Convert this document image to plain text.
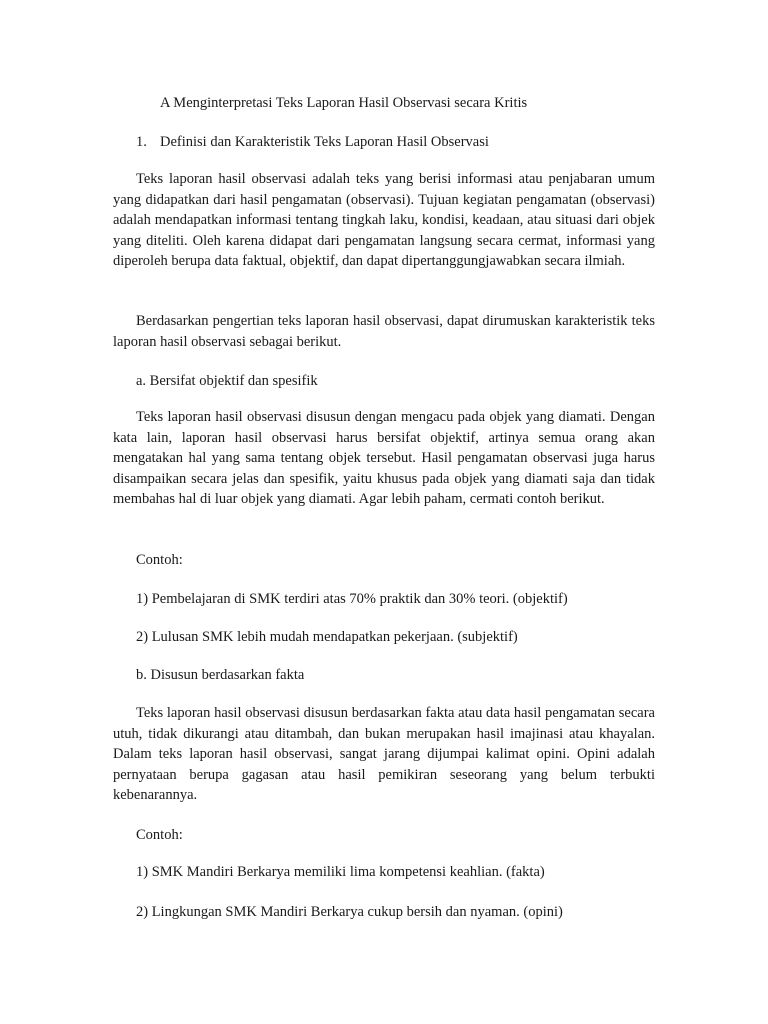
A Menginterpretasi Teks Laporan Hasil Observasi secara Kritis
1. Definisi dan Karakteristik Teks Laporan Hasil Observasi

Teks laporan hasil observasi adalah teks yang berisi informasi atau penjabaran umum yang didapatkan dari hasil pengamatan (observasi). Tujuan kegiatan pengamatan (observasi) adalah mendapatkan informasi tentang tingkah laku, kondisi, keadaan, atau situasi dari objek yang diteliti. Oleh karena didapat dari pengamatan langsung secara cermat, informasi yang diperoleh berupa data faktual, objektif, dan dapat dipertanggungjawabkan secara ilmiah.

Berdasarkan pengertian teks laporan hasil observasi, dapat dirumuskan karakteristik teks laporan hasil observasi sebagai berikut.

a. Bersifat objektif dan spesifik

Teks laporan hasil observasi disusun dengan mengacu pada objek yang diamati. Dengan kata lain, laporan hasil observasi harus bersifat objektif, artinya semua orang akan mengatakan hal yang sama tentang objek tersebut. Hasil pengamatan observasi juga harus disampaikan secara jelas dan spesifik, yaitu khusus pada objek yang diamati saja dan tidak membahas hal di luar objek yang diamati. Agar lebih paham, cermati contoh berikut.

Contoh:
1) Pembelajaran di SMK terdiri atas 70% praktik dan 30% teori. (objektif)
2) Lulusan SMK lebih mudah mendapatkan pekerjaan. (subjektif)
b. Disusun berdasarkan fakta

Teks laporan hasil observasi disusun berdasarkan fakta atau data hasil pengamatan secara utuh, tidak dikurangi atau ditambah, dan bukan merupakan hasil imajinasi atau khayalan. Dalam teks laporan hasil observasi, sangat jarang dijumpai kalimat opini. Opini adalah pernyataan berupa gagasan atau hasil pemikiran seseorang yang belum terbukti kebenarannya.

Contoh:
1) SMK Mandiri Berkarya memiliki lima kompetensi keahlian. (fakta)
2) Lingkungan SMK Mandiri Berkarya cukup bersih dan nyaman. (opini)
